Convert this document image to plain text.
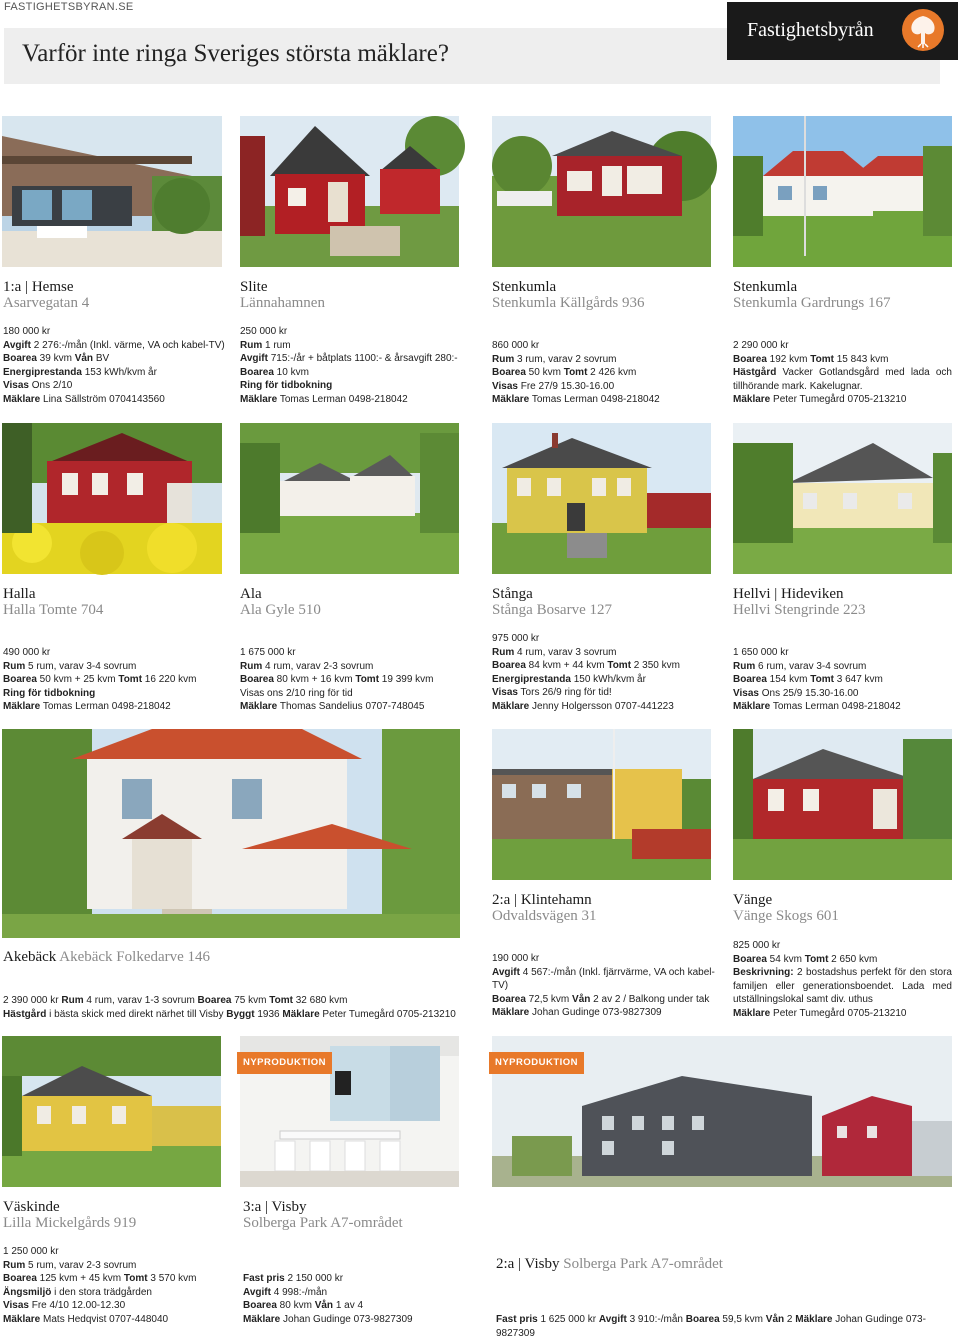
FASTIGHETSBYRAN.SE
Varför inte ringa Sveriges största mäklare?
Fastighetsbyrån
1:a | Hemse
Asarvegatan 4
180 000 kr
Avgift 2 276:-/mån (Inkl. värme, VA och kabel-TV)
Boarea 39 kvm Vån BV
Energiprestanda 153 kWh/kvm år
Visas Ons 2/10
Mäklare Lina Sällström 0704143560
Slite
Lännahamnen
250 000 kr
Rum 1 rum
Avgift 715:-/år + båtplats 1100:- & årsavgift 280:-
Boarea 10 kvm
Ring för tidbokning
Mäklare Tomas Lerman 0498-218042
Stenkumla
Stenkumla Källgårds 936
860 000 kr
Rum 3 rum, varav 2 sovrum
Boarea 50 kvm Tomt 2 426 kvm
Visas Fre 27/9 15.30-16.00
Mäklare Tomas Lerman 0498-218042
Stenkumla
Stenkumla Gardrungs 167
2 290 000 kr
Boarea 192 kvm Tomt 15 843 kvm
Hästgård Vacker Gotlandsgård med lada och tillhörande mark. Kakelugnar.
Mäklare Peter Tumegård 0705-213210
Halla
Halla Tomte 704
490 000 kr
Rum 5 rum, varav 3-4 sovrum
Boarea 50 kvm + 25 kvm Tomt 16 220 kvm
Ring för tidbokning
Mäklare Tomas Lerman 0498-218042
Ala
Ala Gyle 510
1 675 000 kr
Rum 4 rum, varav 2-3 sovrum
Boarea 80 kvm + 16 kvm Tomt 19 399 kvm
Visas ons 2/10 ring för tid
Mäklare Thomas Sandelius 0707-748045
Stånga
Stånga Bosarve 127
975 000 kr
Rum 4 rum, varav 3 sovrum
Boarea 84 kvm + 44 kvm Tomt 2 350 kvm
Energiprestanda 150 kWh/kvm år
Visas Tors 26/9 ring för tid!
Mäklare Jenny Holgersson 0707-441223
Hellvi | Hideviken
Hellvi Stengrinde 223
1 650 000 kr
Rum 6 rum, varav 3-4 sovrum
Boarea 154 kvm Tomt 3 647 kvm
Visas Ons 25/9 15.30-16.00
Mäklare Tomas Lerman 0498-218042
Akebäck Akebäck Folkedarve 146
2 390 000 kr Rum 4 rum, varav 1-3 sovrum Boarea 75 kvm Tomt 32 680 kvm
Hästgård i bästa skick med direkt närhet till Visby Byggt 1936 Mäklare Peter Tumegård 0705-213210
2:a | Klintehamn
Odvaldsvägen 31
190 000 kr
Avgift 4 567:-/mån (Inkl. fjärrvärme, VA och kabel-TV)
Boarea 72,5 kvm Vån 2 av 2 / Balkong under tak
Mäklare Johan Gudinge 073-9827309
Vänge
Vänge Skogs 601
825 000 kr
Boarea 54 kvm Tomt 2 650 kvm
Beskrivning: 2 bostadshus perfekt för den stora familjen eller generationsboendet. Lada med utställningslokal samt div. uthus
Mäklare Peter Tumegård 0705-213210
NYPRODUKTION	NYPRODUKTION
Väskinde
Lilla Mickelgårds 919
1 250 000 kr
Rum 5 rum, varav 2-3 sovrum
Boarea 125 kvm + 45 kvm Tomt 3 570 kvm
Ängsmiljö i den stora trädgården
Visas Fre 4/10 12.00-12.30
Mäklare Mats Hedqvist 0707-448040
3:a | Visby
Solberga Park A7-området
Fast pris 2 150 000 kr
Avgift 4 998:-/mån
Boarea 80 kvm Vån 1 av 4
Mäklare Johan Gudinge 073-9827309
2:a | Visby Solberga Park A7-området
Fast pris 1 625 000 kr Avgift 3 910:-/mån Boarea 59,5 kvm Vån 2 Mäklare Johan Gudinge 073-9827309
